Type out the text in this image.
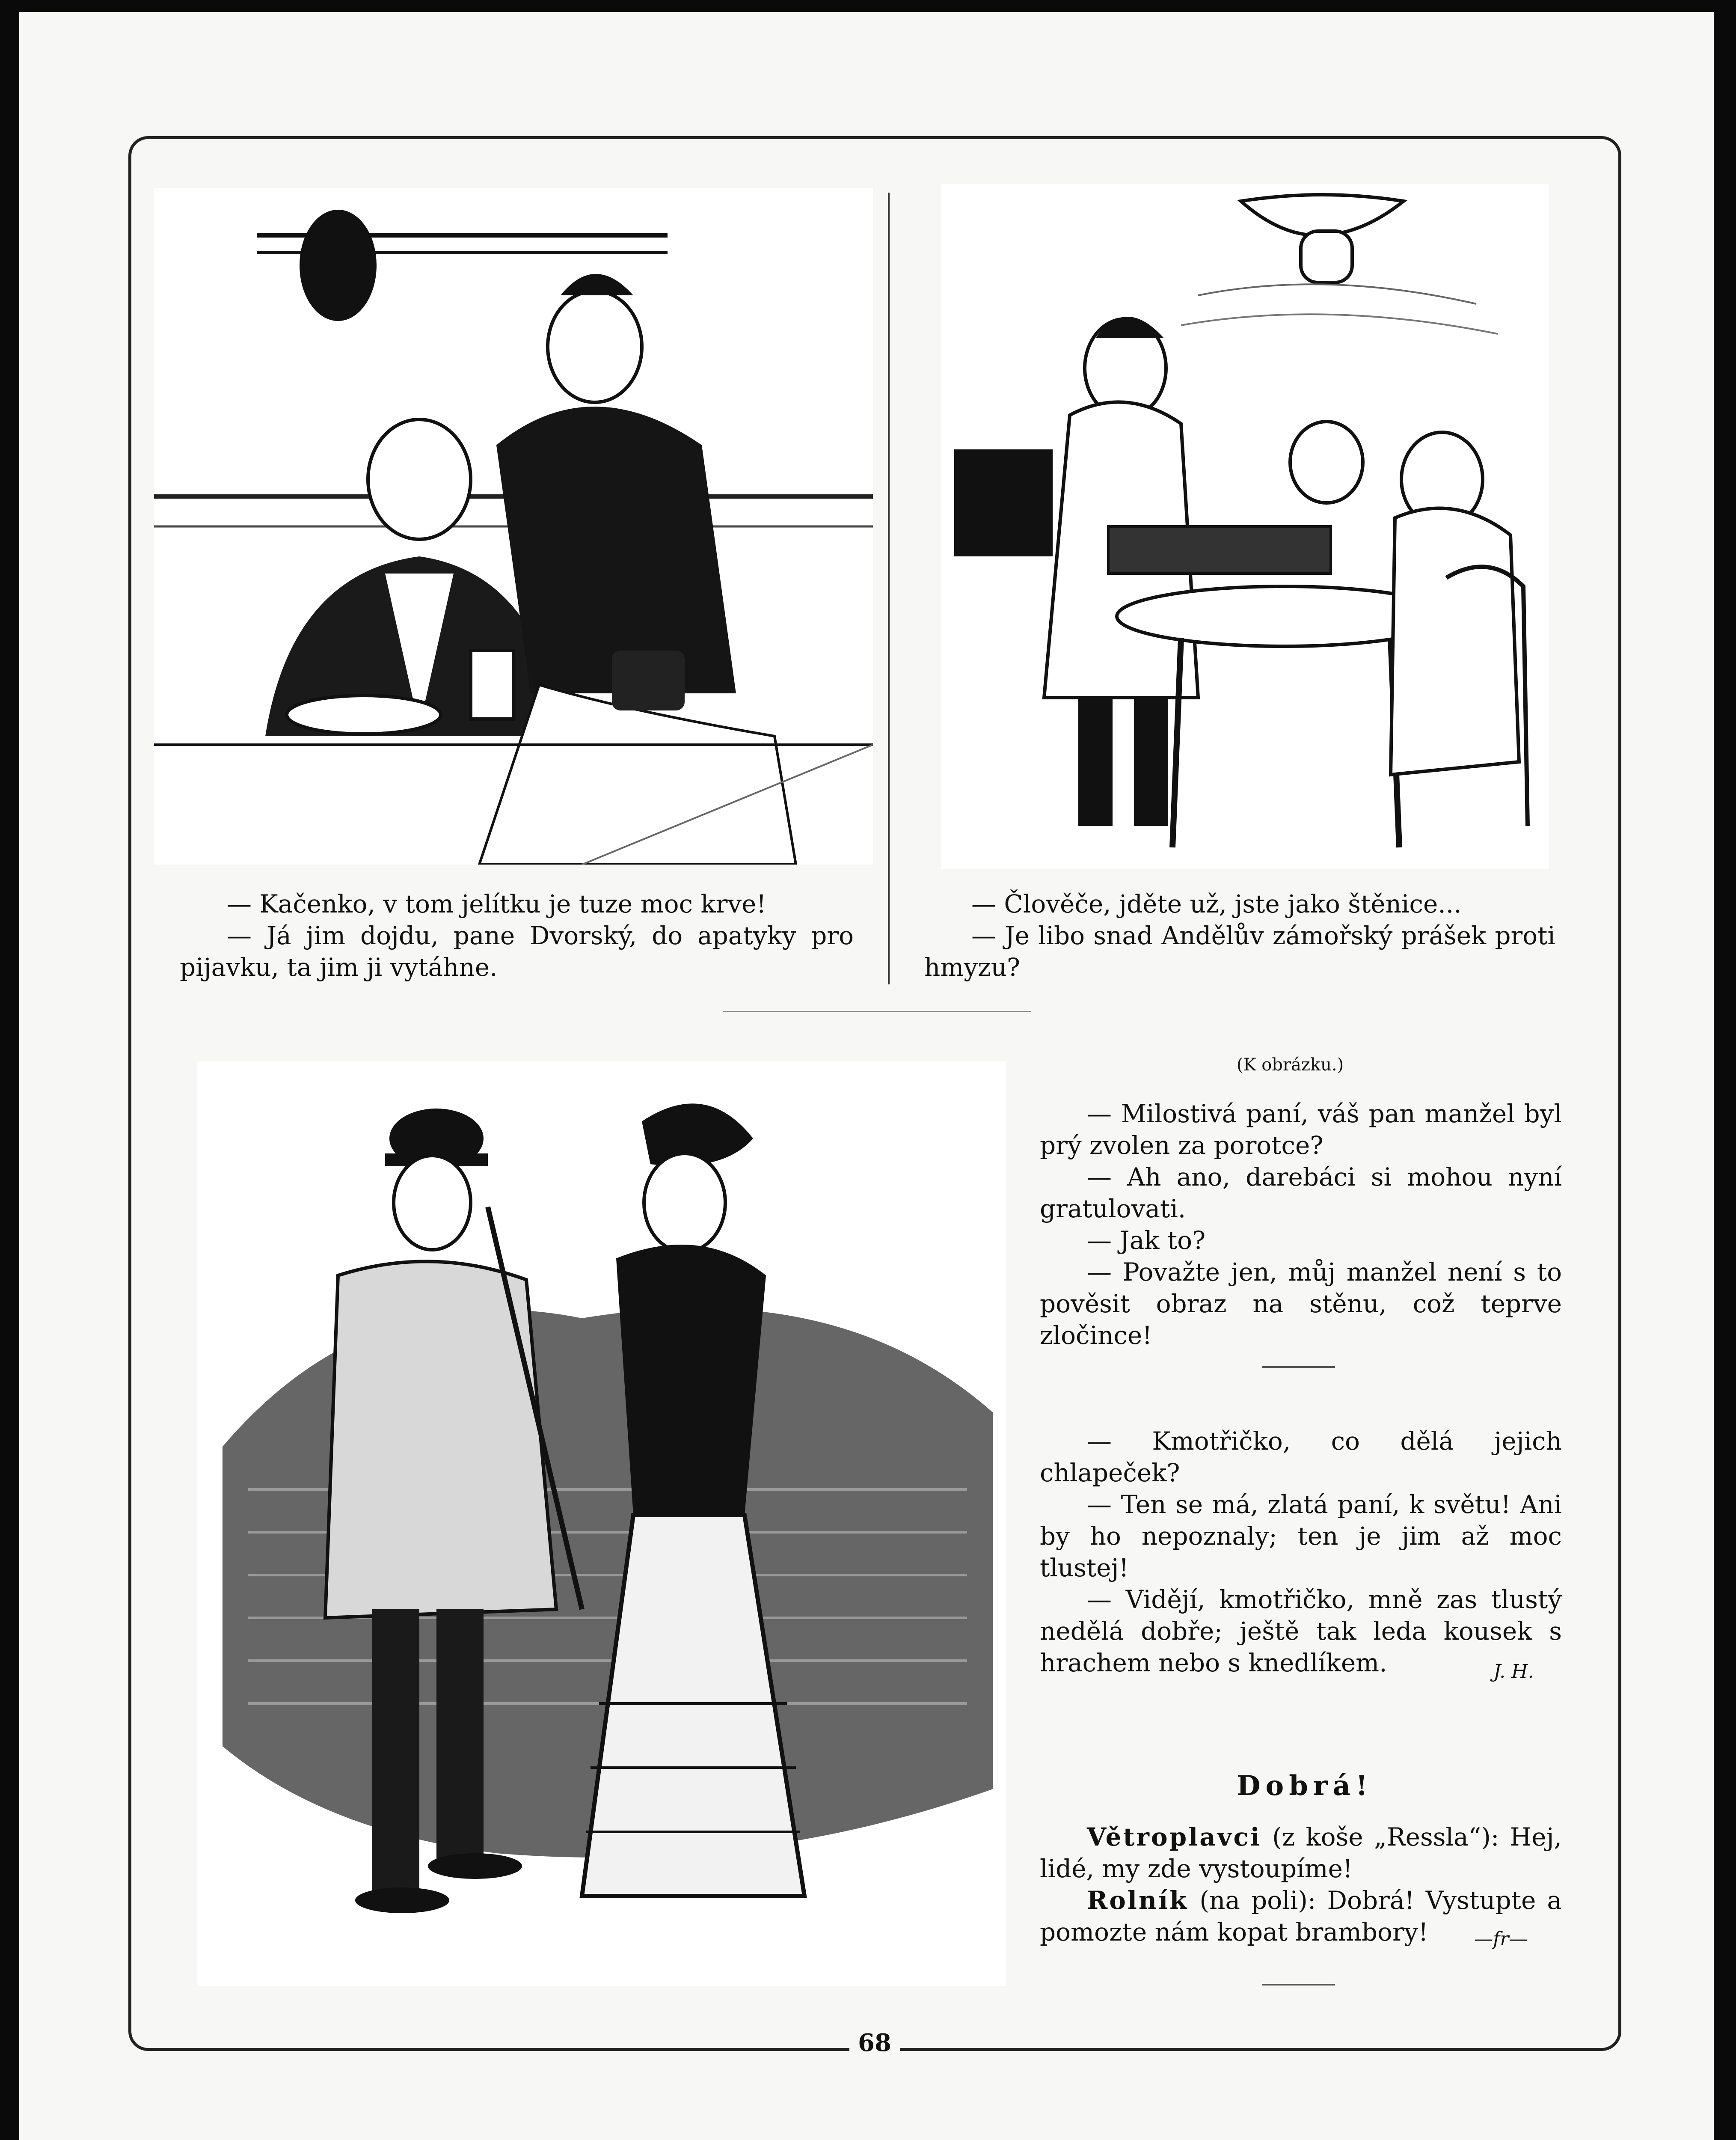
— Kačenko, v tom jelítku je tuze moc krve!

— Já jim dojdu, pane Dvorský, do apatyky pro pijavku, ta jim ji vytáhne.

— Člověče, jděte už, jste jako štěnice...

— Je libo snad Andělův zámořský prášek proti hmyzu?

(K obrázku.)

— Milostivá paní, váš pan manžel byl prý zvolen za porotce?

— Ah ano, darebáci si mohou nyní gratulovati.

— Jak to?

— Považte jen, můj manžel není s to pověsit obraz na stěnu, což teprve zločince!

— Kmotřičko, co dělá jejich chlapeček?

— Ten se má, zlatá paní, k světu! Ani by ho nepoznaly; ten je jim až moc tlustej!

— Vidějí, kmotřičko, mně zas tlustý nedělá dobře; ještě tak leda kousek s hrachem nebo s knedlíkem.	J. H.
Dobrá!

Větroplavci (z koše „Ressla“): Hej, lidé, my zde vystoupíme!

Rolník (na poli): Dobrá! Vystupte a pomozte nám kopat brambory!	—fr—
68
